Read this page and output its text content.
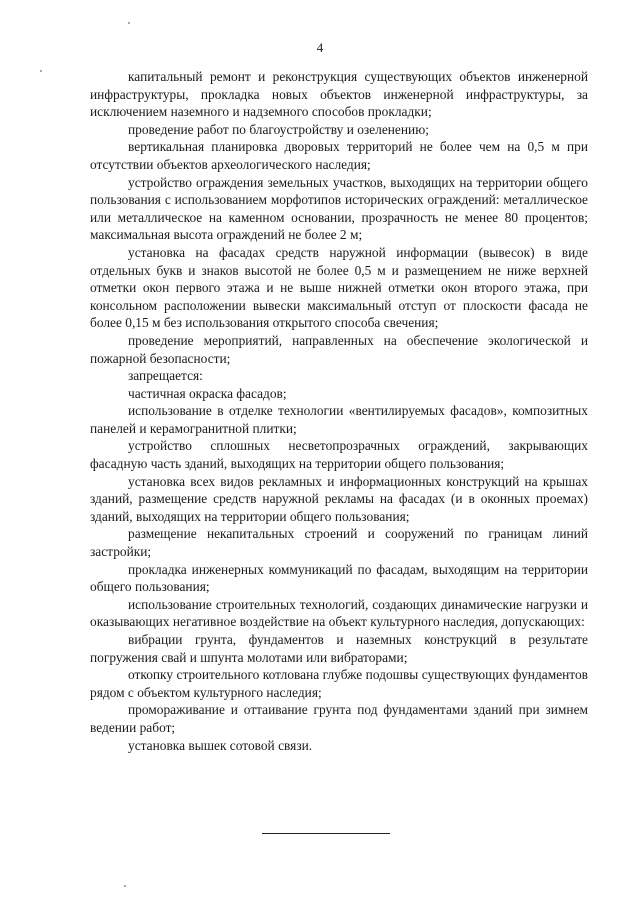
4

капитальный ремонт и реконструкция существующих объектов инженерной инфраструктуры, прокладка новых объектов инженерной инфраструктуры, за исключением наземного и надземного способов прокладки;

проведение работ по благоустройству и озеленению;

вертикальная планировка дворовых территорий не более чем на 0,5 м при отсутствии объектов археологического наследия;

устройство ограждения земельных участков, выходящих на территории общего пользования с использованием морфотипов исторических ограждений: металлическое или металлическое на каменном основании, прозрачность не менее 80 процентов; максимальная высота ограждений не более 2 м;

установка на фасадах средств наружной информации (вывесок) в виде отдельных букв и знаков высотой не более 0,5 м и размещением не ниже верхней отметки окон первого этажа и не выше нижней отметки окон второго этажа, при консольном расположении вывески максимальный отступ от плоскости фасада не более 0,15 м без использования открытого способа свечения;

проведение мероприятий, направленных на обеспечение экологической и пожарной безопасности;

запрещается:

частичная окраска фасадов;

использование в отделке технологии «вентилируемых фасадов», композитных панелей и керамогранитной плитки;

устройство сплошных несветопрозрачных ограждений, закрывающих фасадную часть зданий, выходящих на территории общего пользования;

установка всех видов рекламных и информационных конструкций на крышах зданий, размещение средств наружной рекламы на фасадах (и в оконных проемах) зданий, выходящих на территории общего пользования;

размещение некапитальных строений и сооружений по границам линий застройки;

прокладка инженерных коммуникаций по фасадам, выходящим на территории общего пользования;

использование строительных технологий, создающих динамические нагрузки и оказывающих негативное воздействие на объект культурного наследия, допускающих:

вибрации грунта, фундаментов и наземных конструкций в результате погружения свай и шпунта молотами или вибраторами;

откопку строительного котлована глубже подошвы существующих фундаментов рядом с объектом культурного наследия;

промораживание и оттаивание грунта под фундаментами зданий при зимнем ведении работ;

установка вышек сотовой связи.
